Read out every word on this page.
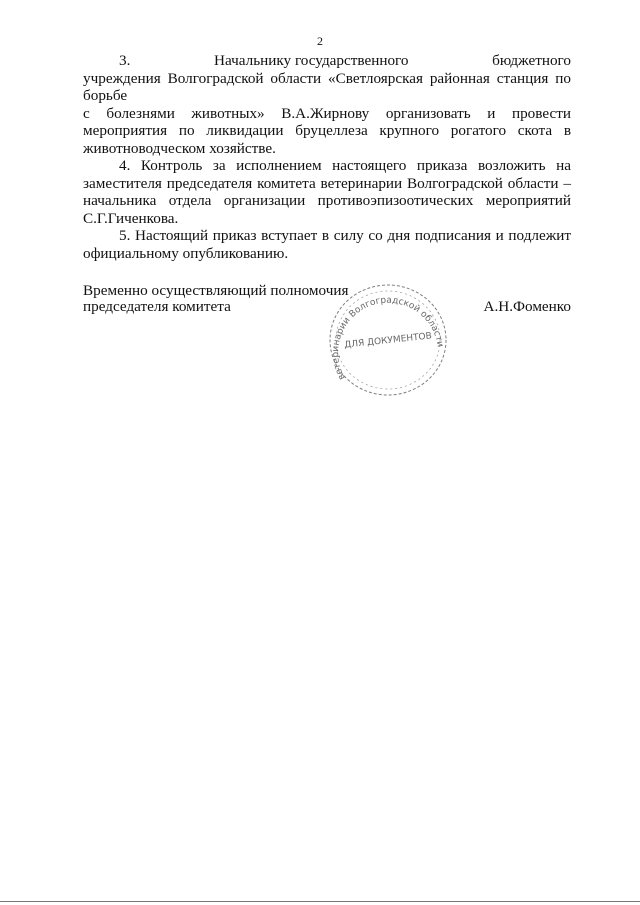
2
3.	Начальнику государственного	бюджетного

учреждения Волгоградской области «Светлоярская районная станция по

борьбе

с болезнями животных» В.А.Жирнову организовать и провести

мероприятия по ликвидации бруцеллеза крупного рогатого скота в

животноводческом хозяйстве.

4. Контроль за исполнением настоящего приказа возложить на заместителя председателя комитета ветеринарии Волгоградской области – начальника отдела организации противоэпизоотических мероприятий С.Г.Гиченкова.

5. Настоящий приказ вступает в силу со дня подписания и подлежит официальному опубликованию.

Временно осуществляющий полномочия
председателя комитета	А.Н.Фоменко
ветеринарии Волгоградской области
ДЛЯ ДОКУМЕНТОВ
